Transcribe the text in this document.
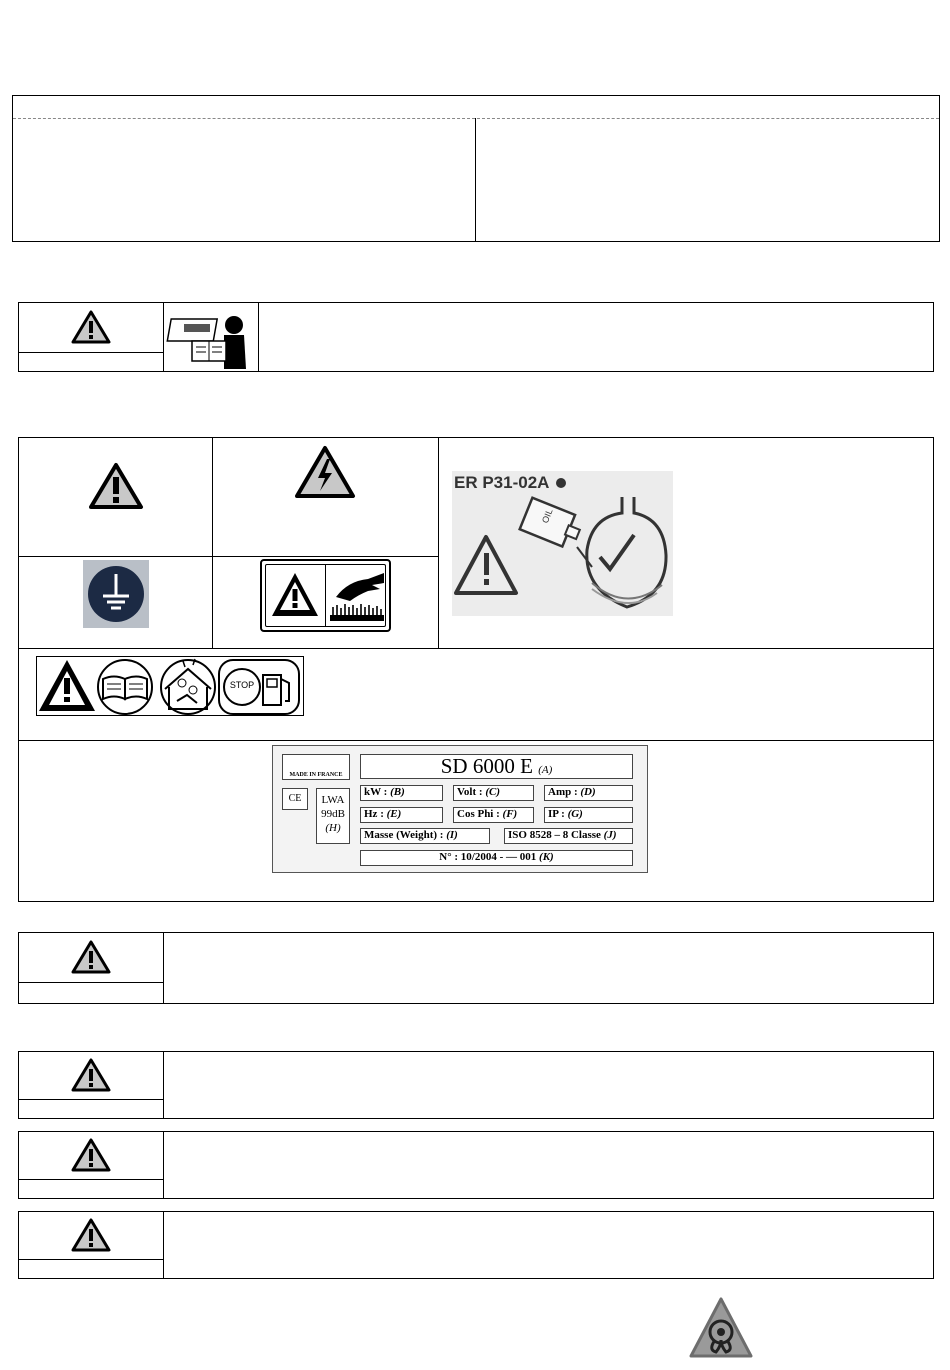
ER P31-02A
OIL
STOP
MADE IN FRANCE
CE	LWA
99dB
(H)
SD 6000 E (A)
kW : (B)	Volt : (C)	Amp : (D)
Hz : (E)	Cos Phi : (F)	IP : (G)
Masse (Weight) : (I)	ISO 8528 – 8 Classe (J)
N° : 10/2004 - — 001 (K)
